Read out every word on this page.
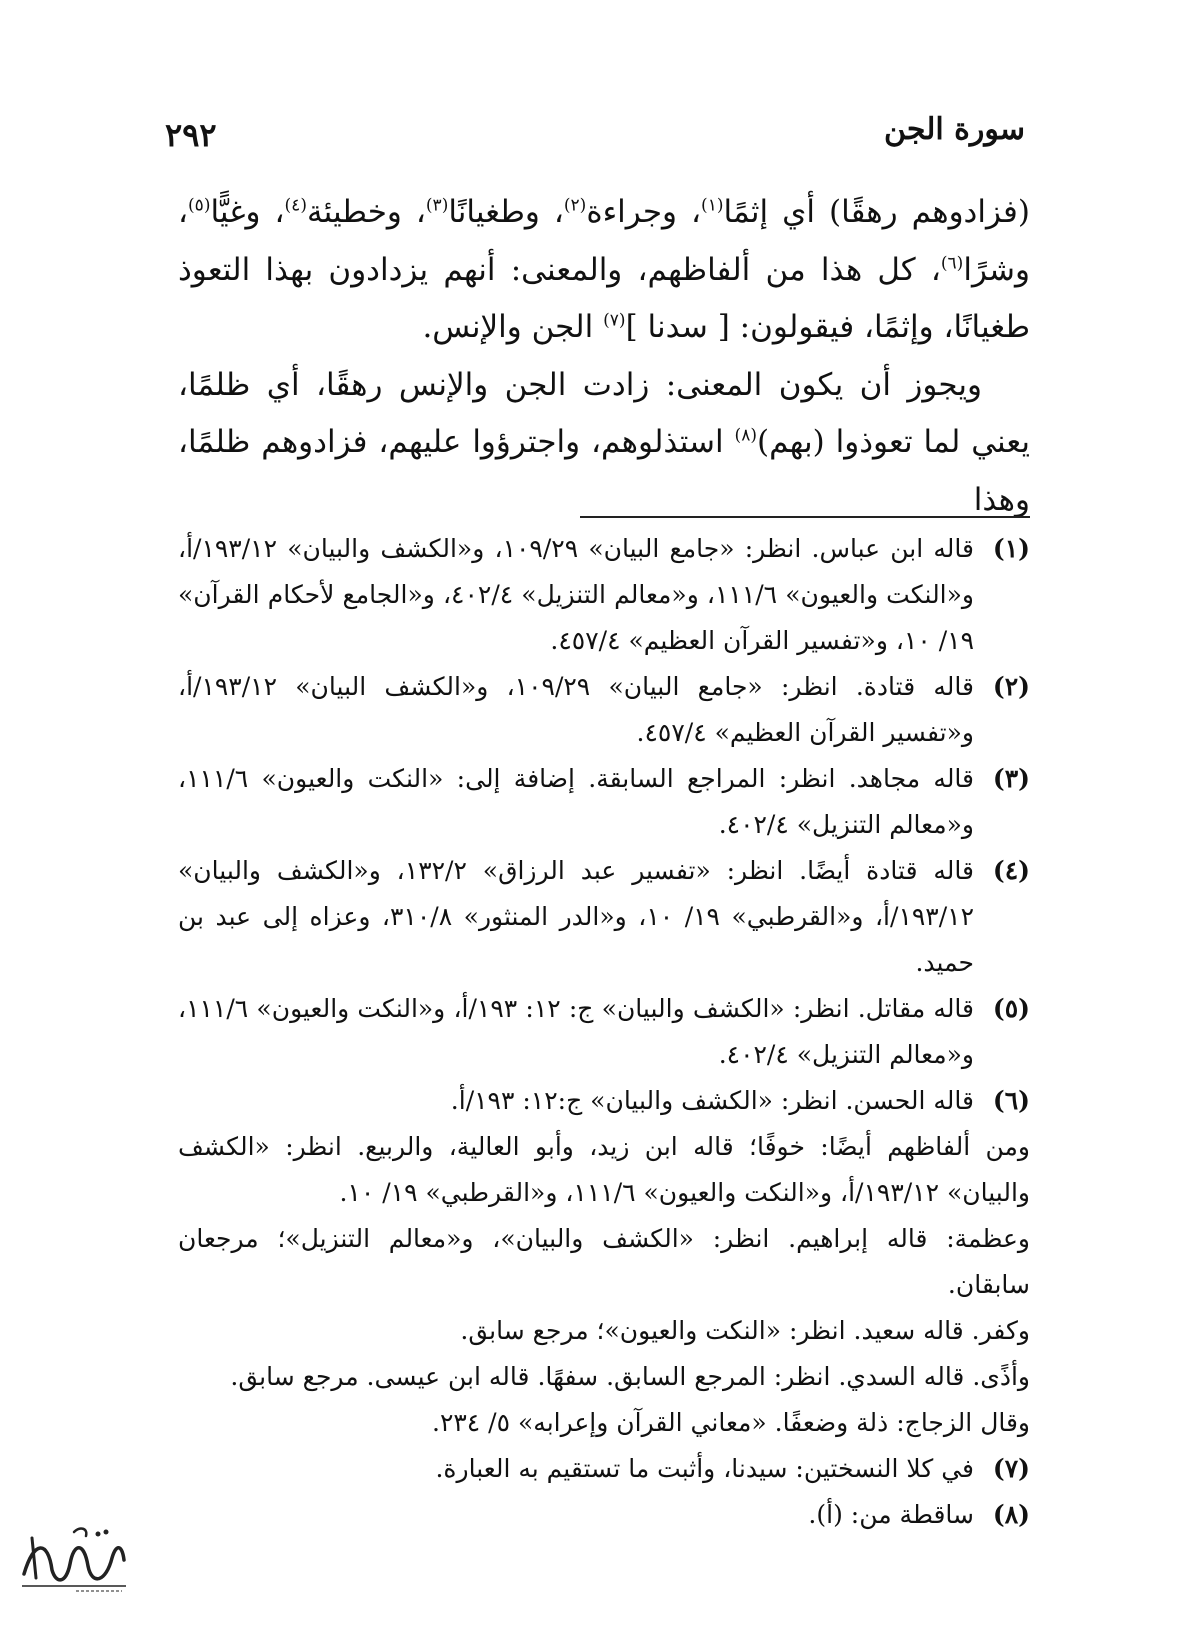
سورة الجن
٢٩٢

(فزادوهم رهقًا) أي إثمًا$^{(١)}$، وجراءة$^{(٢)}$، وطغيانًا$^{(٣)}$، وخطيئة$^{(٤)}$، وغيًّا$^{(٥)}$، وشرًا$^{(٦)}$، كل هذا من ألفاظهم، والمعنى: أنهم يزدادون بهذا التعوذ طغيانًا، وإثمًا، فيقولون: [ سدنا ]$^{(٧)}$ الجن والإنس.

ويجوز أن يكون المعنى: زادت الجن والإنس رهقًا، أي ظلمًا، يعني لما تعوذوا (بهم)$^{(٨)}$ استذلوهم، واجترؤوا عليهم، فزادوهم ظلمًا، وهذا

(١)
قاله ابن عباس. انظر: «جامع البيان» ١٠٩/٢٩، و«الكشف والبيان» ١٩٣/١٢/أ، و«النكت والعيون» ١١١/٦، و«معالم التنزيل» ٤٠٢/٤، و«الجامع لأحكام القرآن» ١٩/ ١٠، و«تفسير القرآن العظيم» ٤٥٧/٤.
(٢)
قاله قتادة. انظر: «جامع البيان» ١٠٩/٢٩، و«الكشف البيان» ١٩٣/١٢/أ، و«تفسير القرآن العظيم» ٤٥٧/٤.
(٣)
قاله مجاهد. انظر: المراجع السابقة. إضافة إلى: «النكت والعيون» ١١١/٦، و«معالم التنزيل» ٤٠٢/٤.
(٤)
قاله قتادة أيضًا. انظر: «تفسير عبد الرزاق» ١٣٢/٢، و«الكشف والبيان» ١٩٣/١٢/أ، و«القرطبي» ١٩/ ١٠، و«الدر المنثور» ٣١٠/٨، وعزاه إلى عبد بن حميد.
(٥)
قاله مقاتل. انظر: «الكشف والبيان» ج: ١٢: ١٩٣/أ، و«النكت والعيون» ١١١/٦، و«معالم التنزيل» ٤٠٢/٤.
(٦)
قاله الحسن. انظر: «الكشف والبيان» ج:١٢: ١٩٣/أ.
ومن ألفاظهم أيضًا: خوفًا؛ قاله ابن زيد، وأبو العالية، والربيع. انظر: «الكشف والبيان» ١٩٣/١٢/أ، و«النكت والعيون» ١١١/٦، و«القرطبي» ١٩/ ١٠.
وعظمة: قاله إبراهيم. انظر: «الكشف والبيان»، و«معالم التنزيل»؛ مرجعان سابقان.
وكفر. قاله سعيد. انظر: «النكت والعيون»؛ مرجع سابق.
وأذًى. قاله السدي. انظر: المرجع السابق. سفهًا. قاله ابن عيسى. مرجع سابق.
وقال الزجاج: ذلة وضعفًا. «معاني القرآن وإعرابه» ٥/ ٢٣٤.
(٧)
في كلا النسختين: سيدنا، وأثبت ما تستقيم به العبارة.
(٨)
ساقطة من: (أ).
